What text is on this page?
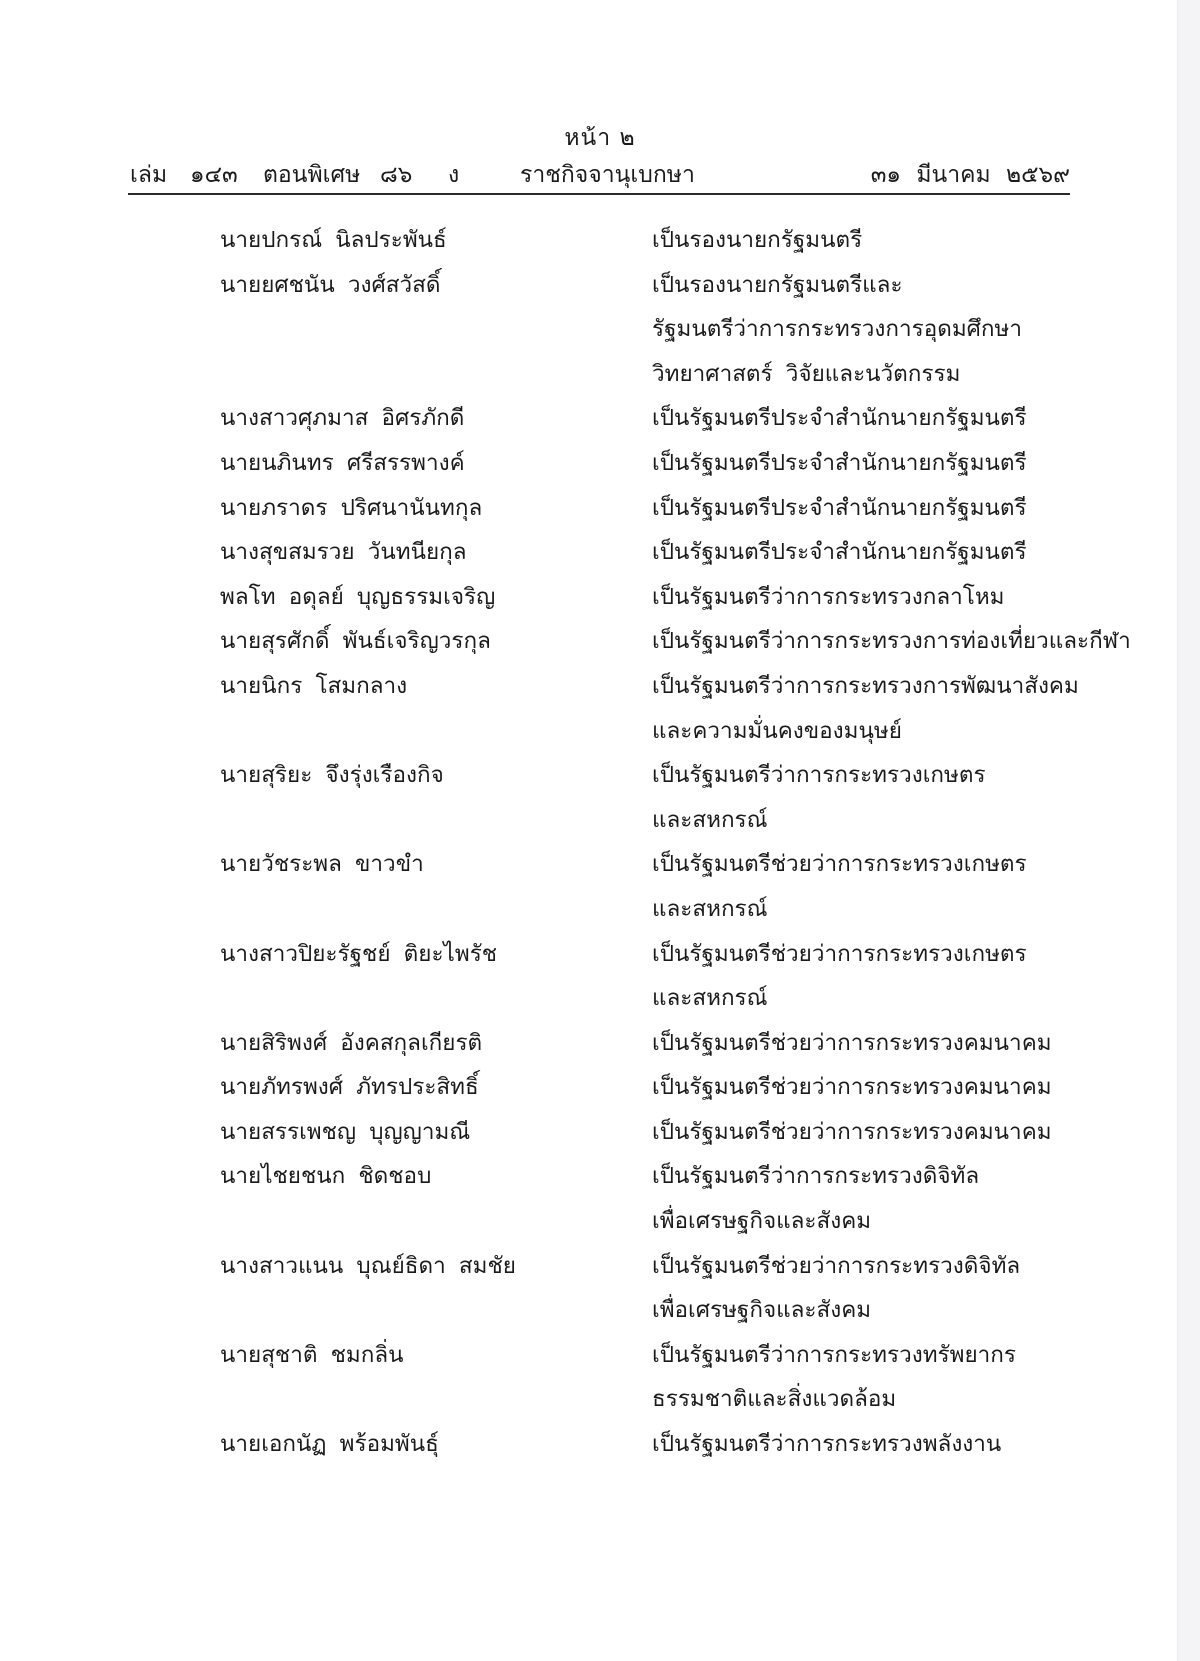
หน้า ๒
เล่ม ๑๔๓ ตอนพิเศษ ๘๖ ง	ราชกิจจานุเบกษา	๓๑ มีนาคม ๒๕๖๙
นายปกรณ์ นิลประพันธ์	เป็นรองนายกรัฐมนตรี
นายยศชนัน วงศ์สวัสดิ์	เป็นรองนายกรัฐมนตรีและ
รัฐมนตรีว่าการกระทรวงการอุดมศึกษา
วิทยาศาสตร์ วิจัยและนวัตกรรม
นางสาวศุภมาส อิศรภักดี	เป็นรัฐมนตรีประจำสำนักนายกรัฐมนตรี
นายนภินทร ศรีสรรพางค์	เป็นรัฐมนตรีประจำสำนักนายกรัฐมนตรี
นายภราดร ปริศนานันทกุล	เป็นรัฐมนตรีประจำสำนักนายกรัฐมนตรี
นางสุขสมรวย วันทนียกุล	เป็นรัฐมนตรีประจำสำนักนายกรัฐมนตรี
พลโท อดุลย์ บุญธรรมเจริญ	เป็นรัฐมนตรีว่าการกระทรวงกลาโหม
นายสุรศักดิ์ พันธ์เจริญวรกุล	เป็นรัฐมนตรีว่าการกระทรวงการท่องเที่ยวและกีฬา
นายนิกร โสมกลาง	เป็นรัฐมนตรีว่าการกระทรวงการพัฒนาสังคม
และความมั่นคงของมนุษย์
นายสุริยะ จึงรุ่งเรืองกิจ	เป็นรัฐมนตรีว่าการกระทรวงเกษตร
และสหกรณ์
นายวัชระพล ขาวขำ	เป็นรัฐมนตรีช่วยว่าการกระทรวงเกษตร
และสหกรณ์
นางสาวปิยะรัฐชย์ ติยะไพรัช	เป็นรัฐมนตรีช่วยว่าการกระทรวงเกษตร
และสหกรณ์
นายสิริพงศ์ อังคสกุลเกียรติ	เป็นรัฐมนตรีช่วยว่าการกระทรวงคมนาคม
นายภัทรพงศ์ ภัทรประสิทธิ์	เป็นรัฐมนตรีช่วยว่าการกระทรวงคมนาคม
นายสรรเพชญ บุญญามณี	เป็นรัฐมนตรีช่วยว่าการกระทรวงคมนาคม
นายไชยชนก ชิดชอบ	เป็นรัฐมนตรีว่าการกระทรวงดิจิทัล
เพื่อเศรษฐกิจและสังคม
นางสาวแนน บุณย์ธิดา สมชัย	เป็นรัฐมนตรีช่วยว่าการกระทรวงดิจิทัล
เพื่อเศรษฐกิจและสังคม
นายสุชาติ ชมกลิ่น	เป็นรัฐมนตรีว่าการกระทรวงทรัพยากร
ธรรมชาติและสิ่งแวดล้อม
นายเอกนัฏ พร้อมพันธุ์	เป็นรัฐมนตรีว่าการกระทรวงพลังงาน
